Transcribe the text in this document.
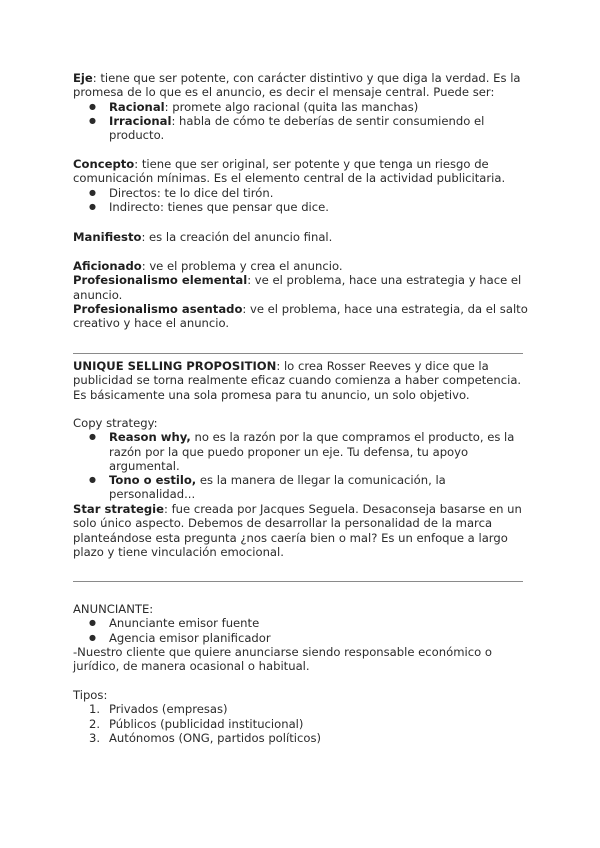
Eje: tiene que ser potente, con carácter distintivo y que diga la verdad. Es la promesa de lo que es el anuncio, es decir el mensaje central. Puede ser:

● Racional: promete algo racional (quita las manchas)
● Irracional: habla de cómo te deberías de sentir consumiendo el producto.

Concepto: tiene que ser original, ser potente y que tenga un riesgo de comunicación mínimas. Es el elemento central de la actividad publicitaria.

● Directos: te lo dice del tirón.
● Indirecto: tienes que pensar que dice.

Manifiesto: es la creación del anuncio final.

Aficionado: ve el problema y crea el anuncio.

Profesionalismo elemental: ve el problema, hace una estrategia y hace el anuncio.

Profesionalismo asentado: ve el problema, hace una estrategia, da el salto creativo y hace el anuncio.

UNIQUE SELLING PROPOSITION: lo crea Rosser Reeves y dice que la publicidad se torna realmente eficaz cuando comienza a haber competencia. Es básicamente una sola promesa para tu anuncio, un solo objetivo.

Copy strategy:

● Reason why, no es la razón por la que compramos el producto, es la razón por la que puedo proponer un eje. Tu defensa, tu apoyo argumental.
● Tono o estilo, es la manera de llegar la comunicación, la personalidad...

Star strategie: fue creada por Jacques Seguela. Desaconseja basarse en un solo único aspecto. Debemos de desarrollar la personalidad de la marca planteándose esta pregunta ¿nos caería bien o mal? Es un enfoque a largo plazo y tiene vinculación emocional.

ANUNCIANTE:

● Anunciante emisor fuente
● Agencia emisor planificador

-Nuestro cliente que quiere anunciarse siendo responsable económico o jurídico, de manera ocasional o habitual.

Tipos:

1. Privados (empresas)
2. Públicos (publicidad institucional)
3. Autónomos (ONG, partidos políticos)
